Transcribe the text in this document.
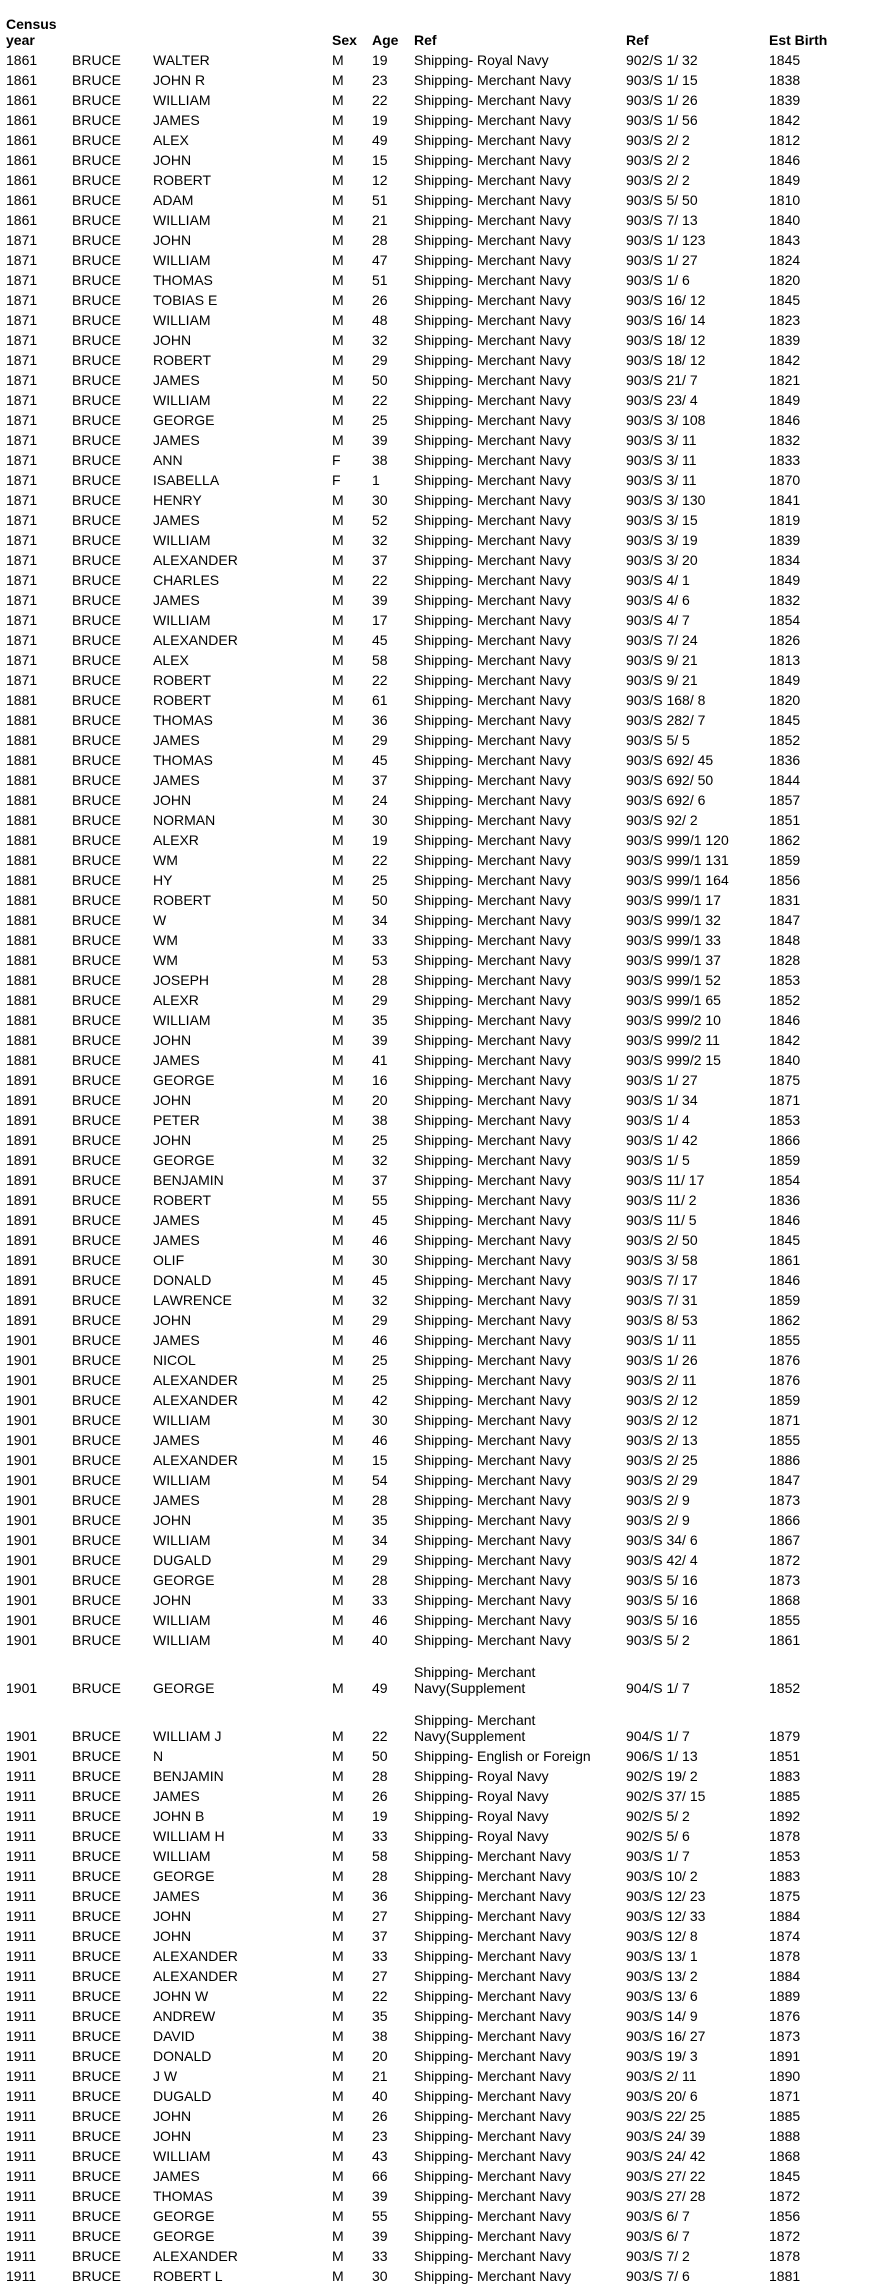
Census
year			Sex	Age	Ref	Ref	Est Birth
1861	BRUCE	WALTER	M	19	Shipping- Royal Navy	902/S 1/ 32	1845
1861	BRUCE	JOHN R	M	23	Shipping- Merchant Navy	903/S 1/ 15	1838
1861	BRUCE	WILLIAM	M	22	Shipping- Merchant Navy	903/S 1/ 26	1839
1861	BRUCE	JAMES	M	19	Shipping- Merchant Navy	903/S 1/ 56	1842
1861	BRUCE	ALEX	M	49	Shipping- Merchant Navy	903/S 2/ 2	1812
1861	BRUCE	JOHN	M	15	Shipping- Merchant Navy	903/S 2/ 2	1846
1861	BRUCE	ROBERT	M	12	Shipping- Merchant Navy	903/S 2/ 2	1849
1861	BRUCE	ADAM	M	51	Shipping- Merchant Navy	903/S 5/ 50	1810
1861	BRUCE	WILLIAM	M	21	Shipping- Merchant Navy	903/S 7/ 13	1840
1871	BRUCE	JOHN	M	28	Shipping- Merchant Navy	903/S 1/ 123	1843
1871	BRUCE	WILLIAM	M	47	Shipping- Merchant Navy	903/S 1/ 27	1824
1871	BRUCE	THOMAS	M	51	Shipping- Merchant Navy	903/S 1/ 6	1820
1871	BRUCE	TOBIAS E	M	26	Shipping- Merchant Navy	903/S 16/ 12	1845
1871	BRUCE	WILLIAM	M	48	Shipping- Merchant Navy	903/S 16/ 14	1823
1871	BRUCE	JOHN	M	32	Shipping- Merchant Navy	903/S 18/ 12	1839
1871	BRUCE	ROBERT	M	29	Shipping- Merchant Navy	903/S 18/ 12	1842
1871	BRUCE	JAMES	M	50	Shipping- Merchant Navy	903/S 21/ 7	1821
1871	BRUCE	WILLIAM	M	22	Shipping- Merchant Navy	903/S 23/ 4	1849
1871	BRUCE	GEORGE	M	25	Shipping- Merchant Navy	903/S 3/ 108	1846
1871	BRUCE	JAMES	M	39	Shipping- Merchant Navy	903/S 3/ 11	1832
1871	BRUCE	ANN	F	38	Shipping- Merchant Navy	903/S 3/ 11	1833
1871	BRUCE	ISABELLA	F	1	Shipping- Merchant Navy	903/S 3/ 11	1870
1871	BRUCE	HENRY	M	30	Shipping- Merchant Navy	903/S 3/ 130	1841
1871	BRUCE	JAMES	M	52	Shipping- Merchant Navy	903/S 3/ 15	1819
1871	BRUCE	WILLIAM	M	32	Shipping- Merchant Navy	903/S 3/ 19	1839
1871	BRUCE	ALEXANDER	M	37	Shipping- Merchant Navy	903/S 3/ 20	1834
1871	BRUCE	CHARLES	M	22	Shipping- Merchant Navy	903/S 4/ 1	1849
1871	BRUCE	JAMES	M	39	Shipping- Merchant Navy	903/S 4/ 6	1832
1871	BRUCE	WILLIAM	M	17	Shipping- Merchant Navy	903/S 4/ 7	1854
1871	BRUCE	ALEXANDER	M	45	Shipping- Merchant Navy	903/S 7/ 24	1826
1871	BRUCE	ALEX	M	58	Shipping- Merchant Navy	903/S 9/ 21	1813
1871	BRUCE	ROBERT	M	22	Shipping- Merchant Navy	903/S 9/ 21	1849
1881	BRUCE	ROBERT	M	61	Shipping- Merchant Navy	903/S 168/ 8	1820
1881	BRUCE	THOMAS	M	36	Shipping- Merchant Navy	903/S 282/ 7	1845
1881	BRUCE	JAMES	M	29	Shipping- Merchant Navy	903/S 5/ 5	1852
1881	BRUCE	THOMAS	M	45	Shipping- Merchant Navy	903/S 692/ 45	1836
1881	BRUCE	JAMES	M	37	Shipping- Merchant Navy	903/S 692/ 50	1844
1881	BRUCE	JOHN	M	24	Shipping- Merchant Navy	903/S 692/ 6	1857
1881	BRUCE	NORMAN	M	30	Shipping- Merchant Navy	903/S 92/ 2	1851
1881	BRUCE	ALEXR	M	19	Shipping- Merchant Navy	903/S 999/1 120	1862
1881	BRUCE	WM	M	22	Shipping- Merchant Navy	903/S 999/1 131	1859
1881	BRUCE	HY	M	25	Shipping- Merchant Navy	903/S 999/1 164	1856
1881	BRUCE	ROBERT	M	50	Shipping- Merchant Navy	903/S 999/1 17	1831
1881	BRUCE	W	M	34	Shipping- Merchant Navy	903/S 999/1 32	1847
1881	BRUCE	WM	M	33	Shipping- Merchant Navy	903/S 999/1 33	1848
1881	BRUCE	WM	M	53	Shipping- Merchant Navy	903/S 999/1 37	1828
1881	BRUCE	JOSEPH	M	28	Shipping- Merchant Navy	903/S 999/1 52	1853
1881	BRUCE	ALEXR	M	29	Shipping- Merchant Navy	903/S 999/1 65	1852
1881	BRUCE	WILLIAM	M	35	Shipping- Merchant Navy	903/S 999/2 10	1846
1881	BRUCE	JOHN	M	39	Shipping- Merchant Navy	903/S 999/2 11	1842
1881	BRUCE	JAMES	M	41	Shipping- Merchant Navy	903/S 999/2 15	1840
1891	BRUCE	GEORGE	M	16	Shipping- Merchant Navy	903/S 1/ 27	1875
1891	BRUCE	JOHN	M	20	Shipping- Merchant Navy	903/S 1/ 34	1871
1891	BRUCE	PETER	M	38	Shipping- Merchant Navy	903/S 1/ 4	1853
1891	BRUCE	JOHN	M	25	Shipping- Merchant Navy	903/S 1/ 42	1866
1891	BRUCE	GEORGE	M	32	Shipping- Merchant Navy	903/S 1/ 5	1859
1891	BRUCE	BENJAMIN	M	37	Shipping- Merchant Navy	903/S 11/ 17	1854
1891	BRUCE	ROBERT	M	55	Shipping- Merchant Navy	903/S 11/ 2	1836
1891	BRUCE	JAMES	M	45	Shipping- Merchant Navy	903/S 11/ 5	1846
1891	BRUCE	JAMES	M	46	Shipping- Merchant Navy	903/S 2/ 50	1845
1891	BRUCE	OLIF	M	30	Shipping- Merchant Navy	903/S 3/ 58	1861
1891	BRUCE	DONALD	M	45	Shipping- Merchant Navy	903/S 7/ 17	1846
1891	BRUCE	LAWRENCE	M	32	Shipping- Merchant Navy	903/S 7/ 31	1859
1891	BRUCE	JOHN	M	29	Shipping- Merchant Navy	903/S 8/ 53	1862
1901	BRUCE	JAMES	M	46	Shipping- Merchant Navy	903/S 1/ 11	1855
1901	BRUCE	NICOL	M	25	Shipping- Merchant Navy	903/S 1/ 26	1876
1901	BRUCE	ALEXANDER	M	25	Shipping- Merchant Navy	903/S 2/ 11	1876
1901	BRUCE	ALEXANDER	M	42	Shipping- Merchant Navy	903/S 2/ 12	1859
1901	BRUCE	WILLIAM	M	30	Shipping- Merchant Navy	903/S 2/ 12	1871
1901	BRUCE	JAMES	M	46	Shipping- Merchant Navy	903/S 2/ 13	1855
1901	BRUCE	ALEXANDER	M	15	Shipping- Merchant Navy	903/S 2/ 25	1886
1901	BRUCE	WILLIAM	M	54	Shipping- Merchant Navy	903/S 2/ 29	1847
1901	BRUCE	JAMES	M	28	Shipping- Merchant Navy	903/S 2/ 9	1873
1901	BRUCE	JOHN	M	35	Shipping- Merchant Navy	903/S 2/ 9	1866
1901	BRUCE	WILLIAM	M	34	Shipping- Merchant Navy	903/S 34/ 6	1867
1901	BRUCE	DUGALD	M	29	Shipping- Merchant Navy	903/S 42/ 4	1872
1901	BRUCE	GEORGE	M	28	Shipping- Merchant Navy	903/S 5/ 16	1873
1901	BRUCE	JOHN	M	33	Shipping- Merchant Navy	903/S 5/ 16	1868
1901	BRUCE	WILLIAM	M	46	Shipping- Merchant Navy	903/S 5/ 16	1855
1901	BRUCE	WILLIAM	M	40	Shipping- Merchant Navy	903/S 5/ 2	1861
1901	BRUCE	GEORGE	M	49	Shipping- Merchant
Navy(Supplement	904/S 1/ 7	1852
1901	BRUCE	WILLIAM J	M	22	Shipping- Merchant
Navy(Supplement	904/S 1/ 7	1879
1901	BRUCE	N	M	50	Shipping- English or Foreign	906/S 1/ 13	1851
1911	BRUCE	BENJAMIN	M	28	Shipping- Royal Navy	902/S 19/ 2	1883
1911	BRUCE	JAMES	M	26	Shipping- Royal Navy	902/S 37/ 15	1885
1911	BRUCE	JOHN B	M	19	Shipping- Royal Navy	902/S 5/ 2	1892
1911	BRUCE	WILLIAM H	M	33	Shipping- Royal Navy	902/S 5/ 6	1878
1911	BRUCE	WILLIAM	M	58	Shipping- Merchant Navy	903/S 1/ 7	1853
1911	BRUCE	GEORGE	M	28	Shipping- Merchant Navy	903/S 10/ 2	1883
1911	BRUCE	JAMES	M	36	Shipping- Merchant Navy	903/S 12/ 23	1875
1911	BRUCE	JOHN	M	27	Shipping- Merchant Navy	903/S 12/ 33	1884
1911	BRUCE	JOHN	M	37	Shipping- Merchant Navy	903/S 12/ 8	1874
1911	BRUCE	ALEXANDER	M	33	Shipping- Merchant Navy	903/S 13/ 1	1878
1911	BRUCE	ALEXANDER	M	27	Shipping- Merchant Navy	903/S 13/ 2	1884
1911	BRUCE	JOHN W	M	22	Shipping- Merchant Navy	903/S 13/ 6	1889
1911	BRUCE	ANDREW	M	35	Shipping- Merchant Navy	903/S 14/ 9	1876
1911	BRUCE	DAVID	M	38	Shipping- Merchant Navy	903/S 16/ 27	1873
1911	BRUCE	DONALD	M	20	Shipping- Merchant Navy	903/S 19/ 3	1891
1911	BRUCE	J W	M	21	Shipping- Merchant Navy	903/S 2/ 11	1890
1911	BRUCE	DUGALD	M	40	Shipping- Merchant Navy	903/S 20/ 6	1871
1911	BRUCE	JOHN	M	26	Shipping- Merchant Navy	903/S 22/ 25	1885
1911	BRUCE	JOHN	M	23	Shipping- Merchant Navy	903/S 24/ 39	1888
1911	BRUCE	WILLIAM	M	43	Shipping- Merchant Navy	903/S 24/ 42	1868
1911	BRUCE	JAMES	M	66	Shipping- Merchant Navy	903/S 27/ 22	1845
1911	BRUCE	THOMAS	M	39	Shipping- Merchant Navy	903/S 27/ 28	1872
1911	BRUCE	GEORGE	M	55	Shipping- Merchant Navy	903/S 6/ 7	1856
1911	BRUCE	GEORGE	M	39	Shipping- Merchant Navy	903/S 6/ 7	1872
1911	BRUCE	ALEXANDER	M	33	Shipping- Merchant Navy	903/S 7/ 2	1878
1911	BRUCE	ROBERT L	M	30	Shipping- Merchant Navy	903/S 7/ 6	1881
